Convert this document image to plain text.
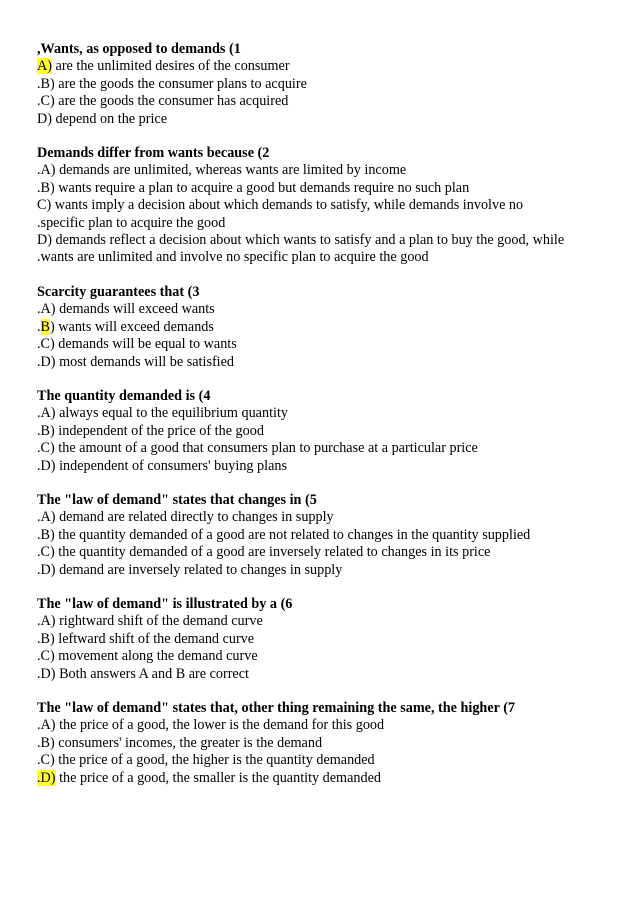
,Wants, as opposed to demands (1
A) are the unlimited desires of the consumer
.B) are the goods the consumer plans to acquire
.C) are the goods the consumer has acquired
D) depend on the price
Demands differ from wants because (2
.A) demands are unlimited, whereas wants are limited by income
.B) wants require a plan to acquire a good but demands require no such plan
C) wants imply a decision about which demands to satisfy, while demands involve no
.specific plan to acquire the good
D) demands reflect a decision about which wants to satisfy and a plan to buy the good, while
.wants are unlimited and involve no specific plan to acquire the good
Scarcity guarantees that (3
.A) demands will exceed wants
.B) wants will exceed demands
.C) demands will be equal to wants
.D) most demands will be satisfied
The quantity demanded is (4
.A) always equal to the equilibrium quantity
.B) independent of the price of the good
.C) the amount of a good that consumers plan to purchase at a particular price
.D) independent of consumers' buying plans
The "law of demand" states that changes in (5
.A) demand are related directly to changes in supply
.B) the quantity demanded of a good are not related to changes in the quantity supplied
.C) the quantity demanded of a good are inversely related to changes in its price
.D) demand are inversely related to changes in supply
The "law of demand" is illustrated by a (6
.A) rightward shift of the demand curve
.B) leftward shift of the demand curve
.C) movement along the demand curve
.D) Both answers A and B are correct
The "law of demand" states that, other thing remaining the same, the higher (7
.A) the price of a good, the lower is the demand for this good
.B) consumers' incomes, the greater is the demand
.C) the price of a good, the higher is the quantity demanded
.D) the price of a good, the smaller is the quantity demanded
